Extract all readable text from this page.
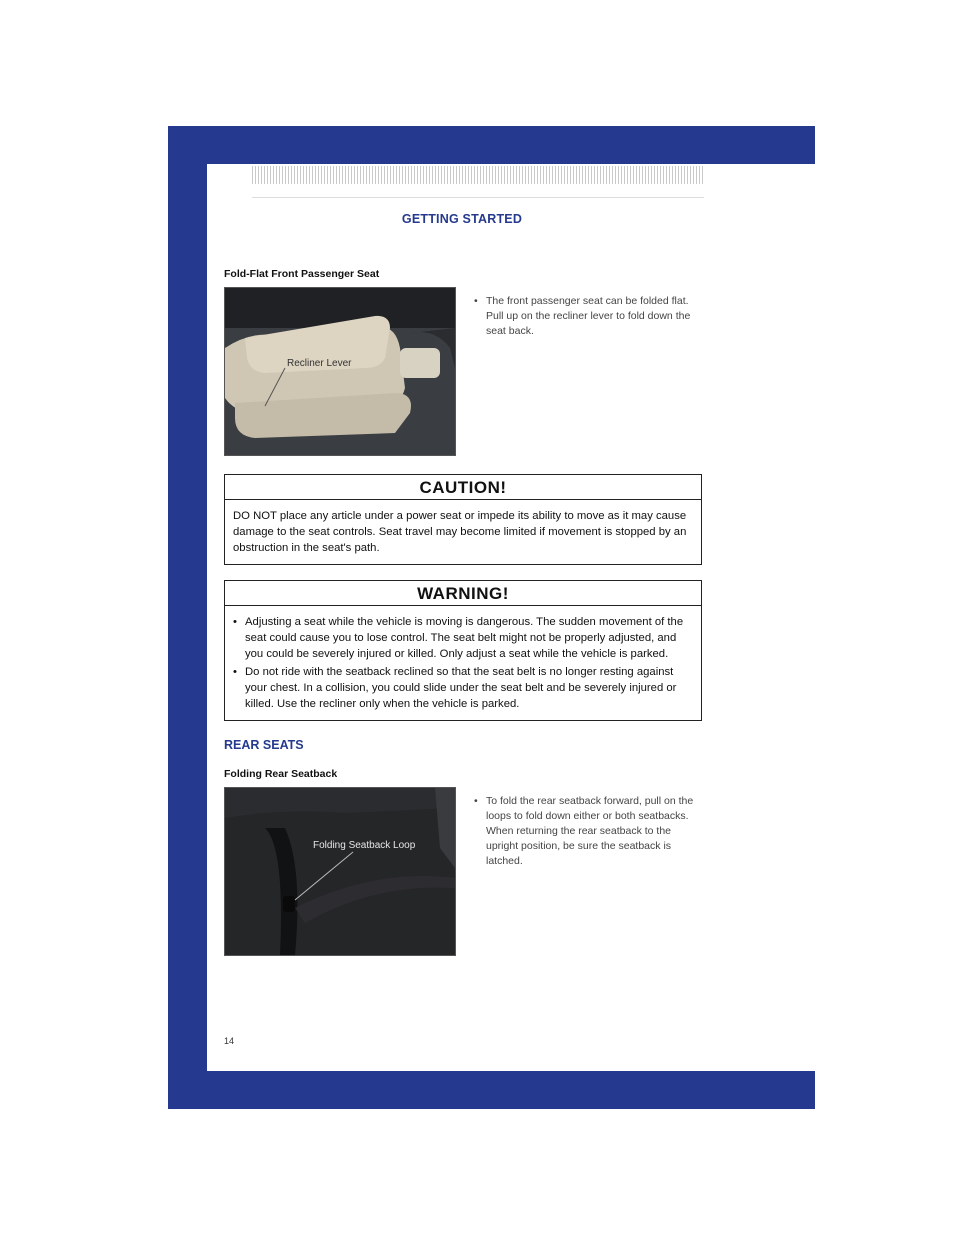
GETTING STARTED
Fold-Flat Front Passenger Seat
Recliner Lever
• The front passenger seat can be folded flat. Pull up on the recliner lever to fold down the seat back.
CAUTION!
DO NOT place any article under a power seat or impede its ability to move as it may cause damage to the seat controls. Seat travel may become limited if movement is stopped by an obstruction in the seat's path.
WARNING!
• Adjusting a seat while the vehicle is moving is dangerous. The sudden movement of the seat could cause you to lose control. The seat belt might not be properly adjusted, and you could be severely injured or killed. Only adjust a seat while the vehicle is parked.
• Do not ride with the seatback reclined so that the seat belt is no longer resting against your chest. In a collision, you could slide under the seat belt and be severely injured or killed. Use the recliner only when the vehicle is parked.
REAR SEATS
Folding Rear Seatback
Folding Seatback Loop
• To fold the rear seatback forward, pull on the loops to fold down either or both seatbacks. When returning the rear seatback to the upright position, be sure the seatback is latched.
14
